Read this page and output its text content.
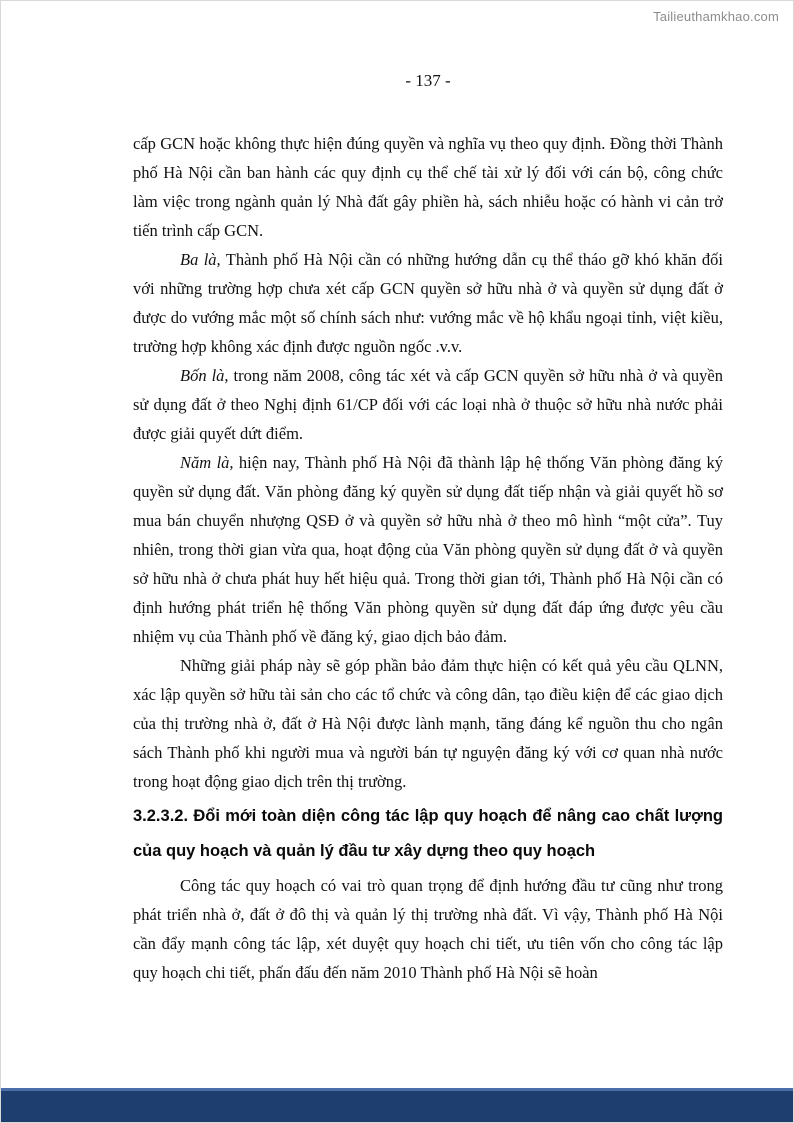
Tailieuthamkhao.com
- 137 -

cấp GCN hoặc không thực hiện đúng quyền và nghĩa vụ theo quy định. Đồng thời Thành phố Hà Nội cần ban hành các quy định cụ thể chế tài xử lý đối với cán bộ, công chức làm việc trong ngành quản lý Nhà đất gây phiền hà, sách nhiễu hoặc có hành vi cản trở tiến trình cấp GCN.

Ba là, Thành phố Hà Nội cần có những hướng dẫn cụ thể tháo gỡ khó khăn đối với những trường hợp chưa xét cấp GCN quyền sở hữu nhà ở và quyền sử dụng đất ở được do vướng mắc một số chính sách như: vướng mắc về hộ khẩu ngoại tỉnh, việt kiều, trường hợp không xác định được nguồn ngốc .v.v.

Bốn là, trong năm 2008, công tác xét và cấp GCN quyền sở hữu nhà ở và quyền sử dụng đất ở theo Nghị định 61/CP đối với các loại nhà ở thuộc sở hữu nhà nước phải được giải quyết dứt điểm.

Năm là, hiện nay, Thành phố Hà Nội đã thành lập hệ thống Văn phòng đăng ký quyền sử dụng đất. Văn phòng đăng ký quyền sử dụng đất tiếp nhận và giải quyết hồ sơ mua bán chuyển nhượng QSĐ ở và quyền sở hữu nhà ở theo mô hình “một cửa”. Tuy nhiên, trong thời gian vừa qua, hoạt động của Văn phòng quyền sử dụng đất ở và quyền sở hữu nhà ở chưa phát huy hết hiệu quả. Trong thời gian tới, Thành phố Hà Nội cần có định hướng phát triển hệ thống Văn phòng quyền sử dụng đất đáp ứng được yêu cầu nhiệm vụ của Thành phố về đăng ký, giao dịch bảo đảm.

Những giải pháp này sẽ góp phần bảo đảm thực hiện có kết quả yêu cầu QLNN, xác lập quyền sở hữu tài sản cho các tổ chức và công dân, tạo điều kiện để các giao dịch của thị trường nhà ở, đất ở Hà Nội được lành mạnh, tăng đáng kể nguồn thu cho ngân sách Thành phố khi người mua và người bán tự nguyện đăng ký với cơ quan nhà nước trong hoạt động giao dịch trên thị trường.

3.2.3.2. Đổi mới toàn diện công tác lập quy hoạch để nâng cao chất lượng của quy hoạch và quản lý đầu tư xây dựng theo quy hoạch

Công tác quy hoạch có vai trò quan trọng để định hướng đầu tư cũng như trong phát triển nhà ở, đất ở đô thị và quản lý thị trường nhà đất. Vì vậy, Thành phố Hà Nội cần đẩy mạnh công tác lập, xét duyệt quy hoạch chi tiết, ưu tiên vốn cho công tác lập quy hoạch chi tiết, phấn đấu đến năm 2010 Thành phố Hà Nội sẽ hoàn
